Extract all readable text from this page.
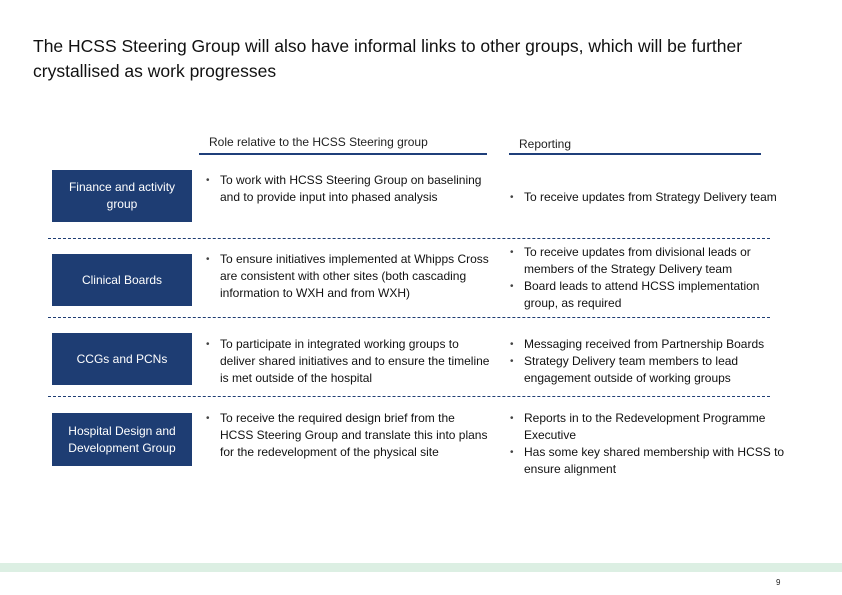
The HCSS Steering Group will also have informal links to other groups, which will be further crystallised as work progresses
Role relative to the HCSS Steering group	Reporting
Finance and activity group
• To work with HCSS Steering Group on baselining and to provide input into phased analysis
•	To receive updates from Strategy Delivery team
Clinical Boards
• To ensure initiatives implemented at Whipps Cross are consistent with other sites (both cascading information to WXH and from WXH)
• To receive updates from divisional leads or members of the Strategy Delivery team
• Board leads to attend HCSS implementation group, as required
CCGs and PCNs
• To participate in integrated working groups to deliver shared initiatives and to ensure the timeline is met outside of the hospital
• Messaging received from Partnership Boards
• Strategy Delivery team members to lead engagement outside of working groups
Hospital Design and Development Group
• To receive the required design brief from the HCSS Steering Group and translate this into plans for the redevelopment of the physical site
• Reports in to the Redevelopment Programme Executive
• Has some key shared membership with HCSS to ensure alignment
9
